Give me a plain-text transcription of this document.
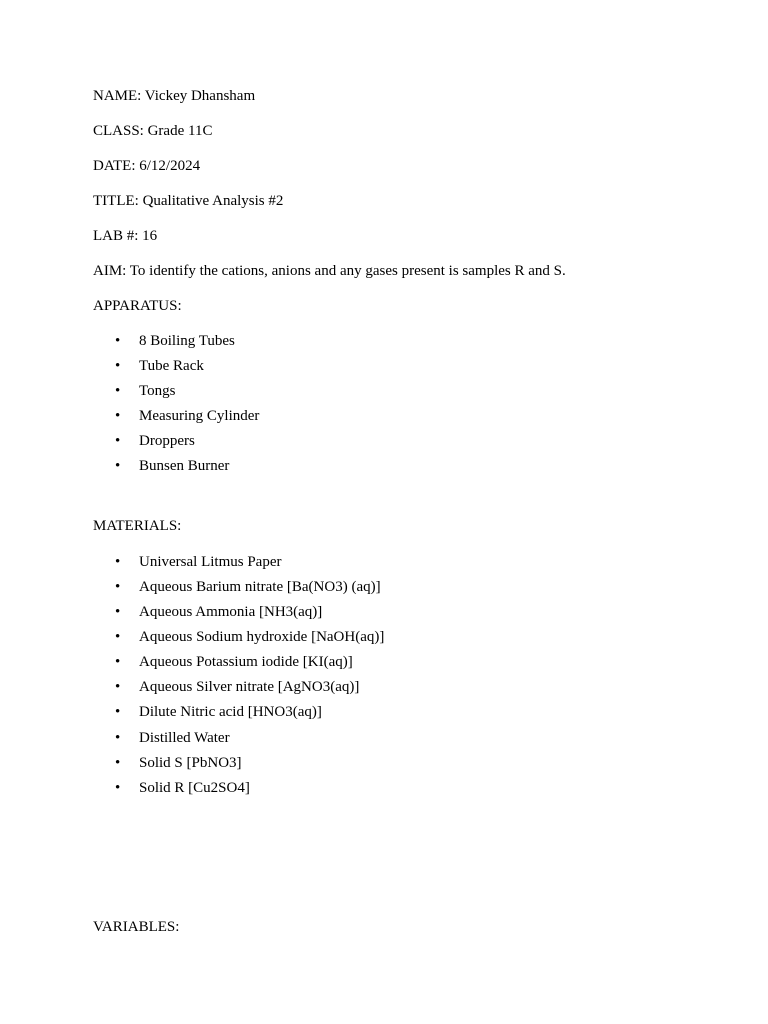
NAME: Vickey Dhansham
CLASS: Grade 11C
DATE: 6/12/2024
TITLE: Qualitative Analysis #2
LAB #: 16
AIM: To identify the cations, anions and any gases present is samples R and S.
APPARATUS:
• 8 Boiling Tubes
• Tube Rack
• Tongs
• Measuring Cylinder
• Droppers
• Bunsen Burner
MATERIALS:
• Universal Litmus Paper
• Aqueous Barium nitrate [Ba(NO3) (aq)]
• Aqueous Ammonia [NH3(aq)]
• Aqueous Sodium hydroxide [NaOH(aq)]
• Aqueous Potassium iodide [KI(aq)]
• Aqueous Silver nitrate [AgNO3(aq)]
• Dilute Nitric acid [HNO3(aq)]
• Distilled Water
• Solid S [PbNO3]
• Solid R [Cu2SO4]
VARIABLES:
